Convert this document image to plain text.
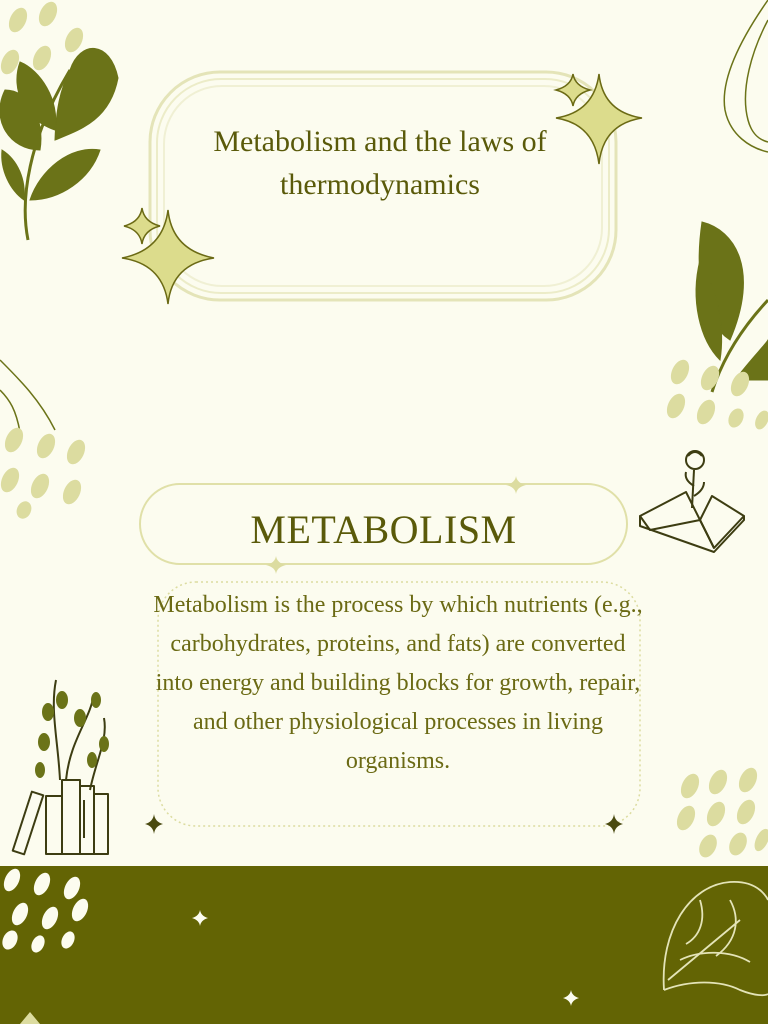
Metabolism and the laws of thermodynamics
METABOLISM

Metabolism is the process by which nutrients (e.g., carbohydrates, proteins, and fats) are converted into energy and building blocks for growth, repair, and other physiological processes in living organisms.
